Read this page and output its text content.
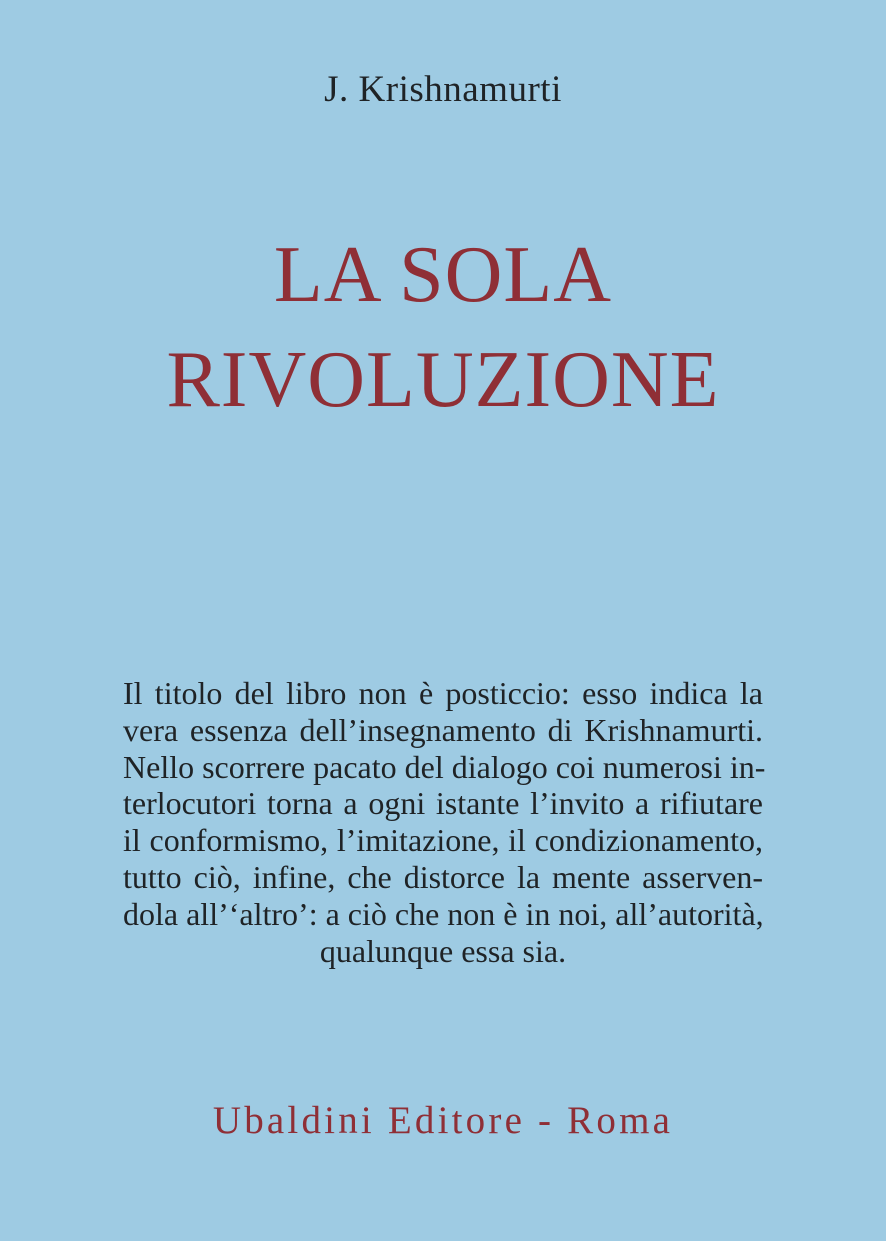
J. Krishnamurti
LA SOLA
RIVOLUZIONE
Il titolo del libro non è posticcio: esso indica la
vera essenza dell’insegnamento di Krishnamurti.
Nello scorrere pacato del dialogo coi numerosi in-
terlocutori torna a ogni istante l’invito a rifiutare
il conformismo, l’imitazione, il condizionamento,
tutto ciò, infine, che distorce la mente asserven-
dola all’‘altro’: a ciò che non è in noi, all’autorità,
qualunque essa sia.
Ubaldini Editore - Roma
